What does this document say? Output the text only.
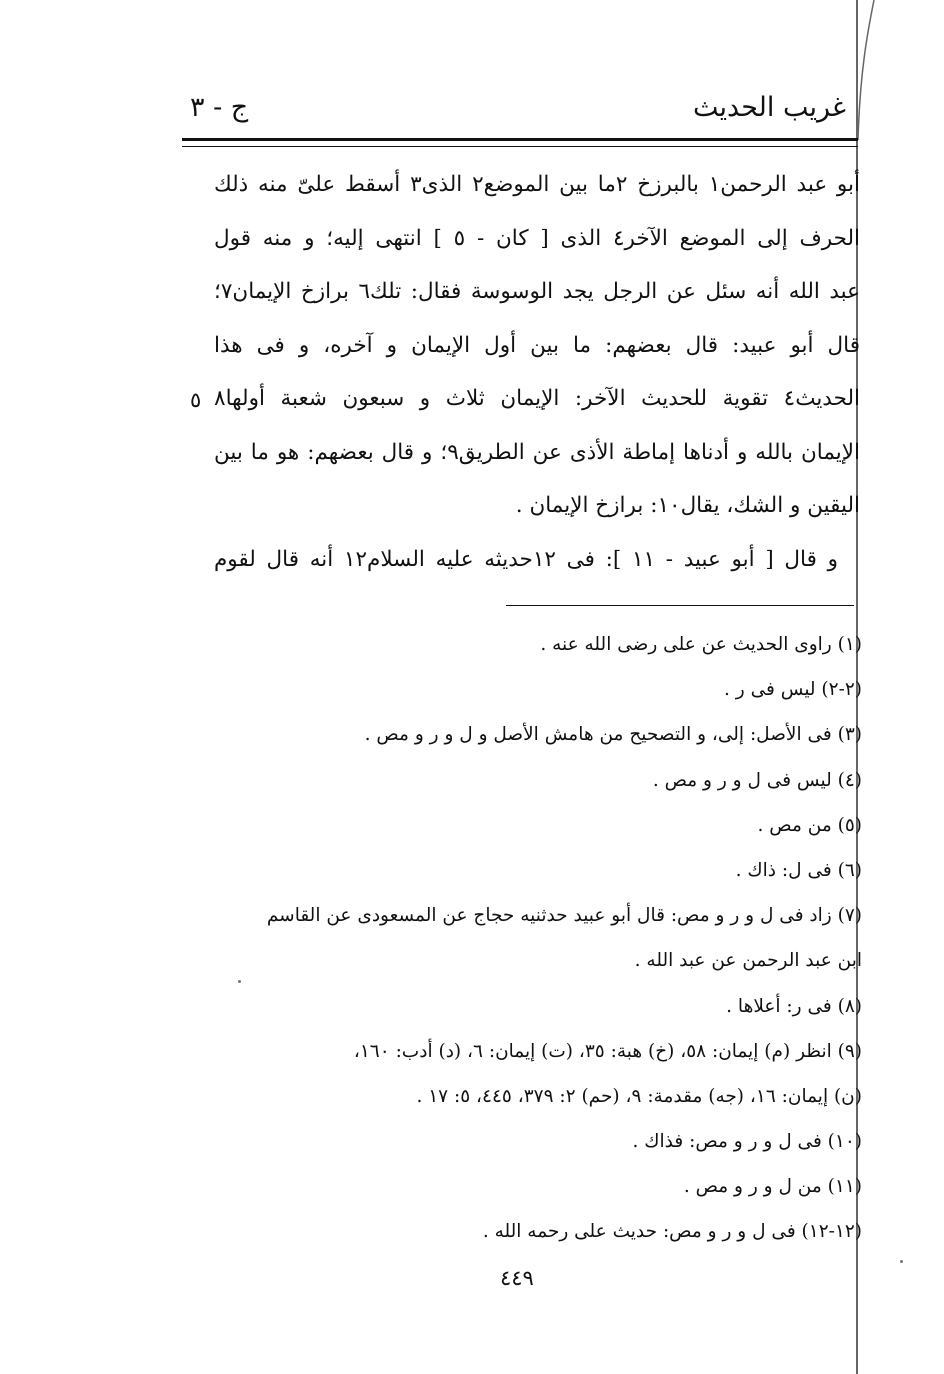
غريب الحديث
ج - ٣
أبو عبد الرحمن١ بالبرزخ ٢ما بين الموضع٢ الذى٣ أسقط علىّ منه ذلك
الحرف إلى الموضع الآخر٤ الذى [ كان - ٥ ] انتهى إليه؛ و منه قول
عبد الله أنه سئل عن الرجل يجد الوسوسة فقال: تلك٦ برازخ الإيمان٧؛
قال أبو عبيد: قال بعضهم: ما بين أول الإيمان و آخره، و فى هذا
الحديث٤ تقوية للحديث الآخر: الإيمان ثلاث و سبعون شعبة أولها٨
الإيمان بالله و أدناها إماطة الأذى عن الطريق٩؛ و قال بعضهم: هو ما بين
اليقين و الشك، يقال١٠: برازخ الإيمان .
و قال [ أبو عبيد - ١١ ]: فى ١٢حديثه عليه السلام١٢ أنه قال لقوم
٥
(١) راوى الحديث عن على رضى الله عنه .
(٢-٢) ليس فى ر .
(٣) فى الأصل: إلى، و التصحيح من هامش الأصل و ل و ر و مص .
(٤) ليس فى ل و ر و مص .
(٥) من مص .
(٦) فى ل: ذاك .
(٧) زاد فى ل و ر و مص: قال أبو عبيد حدثنيه حجاج عن المسعودى عن القاسم
ابن عبد الرحمن عن عبد الله .
(٨) فى ر: أعلاها .
(٩) انظر (م) إيمان: ٥٨، (خ) هبة: ٣٥، (ت) إيمان: ٦، (د) أدب: ١٦٠،
(ن) إيمان: ١٦، (جه) مقدمة: ٩، (حم) ٢: ٣٧٩، ٤٤٥، ٥: ١٧ .
(١٠) فى ل و ر و مص: فذاك .
(١١) من ل و ر و مص .
(١٢-١٢) فى ل و ر و مص: حديث على رحمه الله .
٤٤٩
